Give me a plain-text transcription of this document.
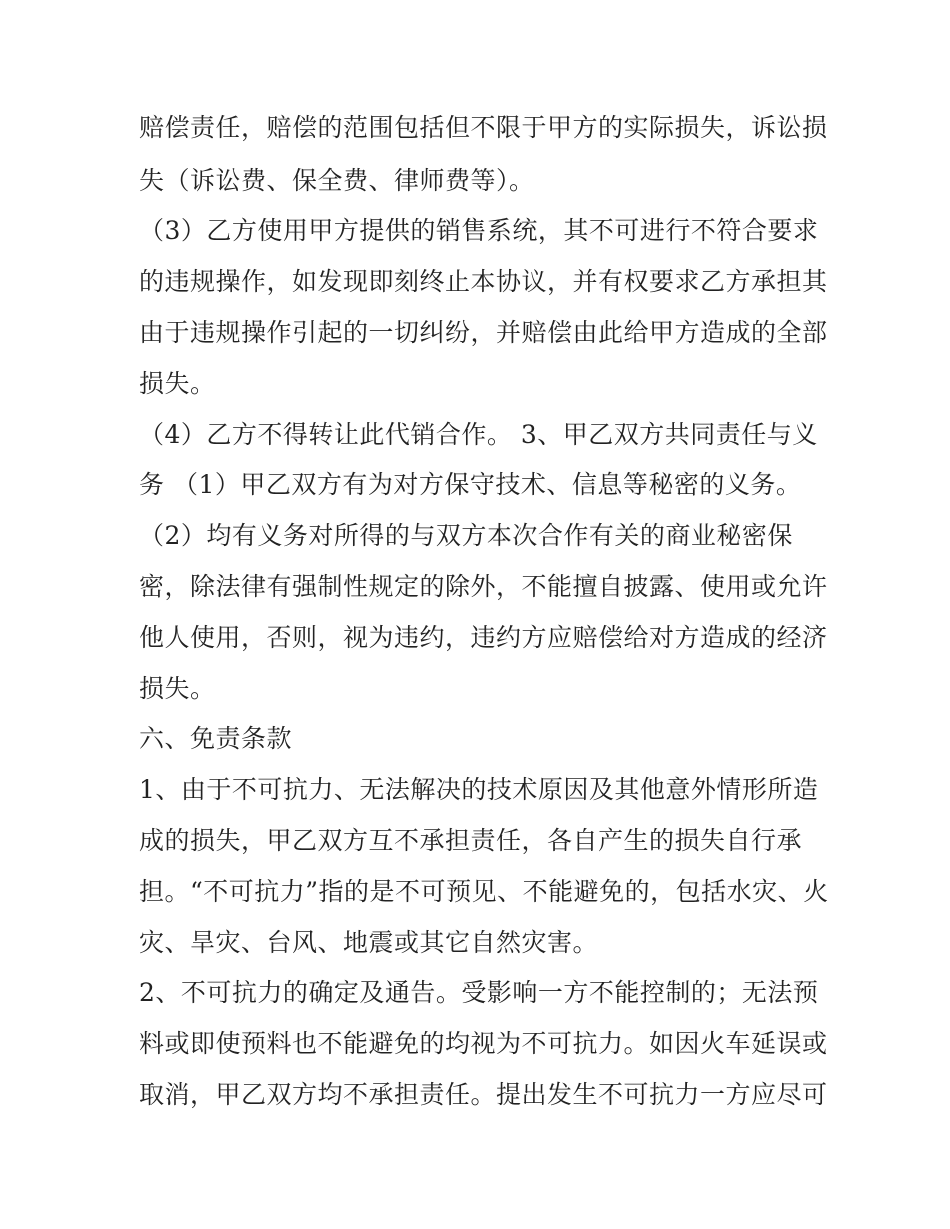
赔偿责任，赔偿的范围包括但不限于甲方的实际损失，诉讼损
失（诉讼费、保全费、律师费等）。
（3）乙方使用甲方提供的销售系统，其不可进行不符合要求
的违规操作，如发现即刻终止本协议，并有权要求乙方承担其
由于违规操作引起的一切纠纷，并赔偿由此给甲方造成的全部
损失。
（4）乙方不得转让此代销合作。 3、甲乙双方共同责任与义
务 （1）甲乙双方有为对方保守技术、信息等秘密的义务。
（2）均有义务对所得的与双方本次合作有关的商业秘密保
密，除法律有强制性规定的除外，不能擅自披露、使用或允许
他人使用，否则，视为违约，违约方应赔偿给对方造成的经济
损失。
六、免责条款
1、由于不可抗力、无法解决的技术原因及其他意外情形所造
成的损失，甲乙双方互不承担责任，各自产生的损失自行承
担。“不可抗力”指的是不可预见、不能避免的，包括水灾、火
灾、旱灾、台风、地震或其它自然灾害。
2、不可抗力的确定及通告。受影响一方不能控制的；无法预
料或即使预料也不能避免的均视为不可抗力。如因火车延误或
取消，甲乙双方均不承担责任。提出发生不可抗力一方应尽可
